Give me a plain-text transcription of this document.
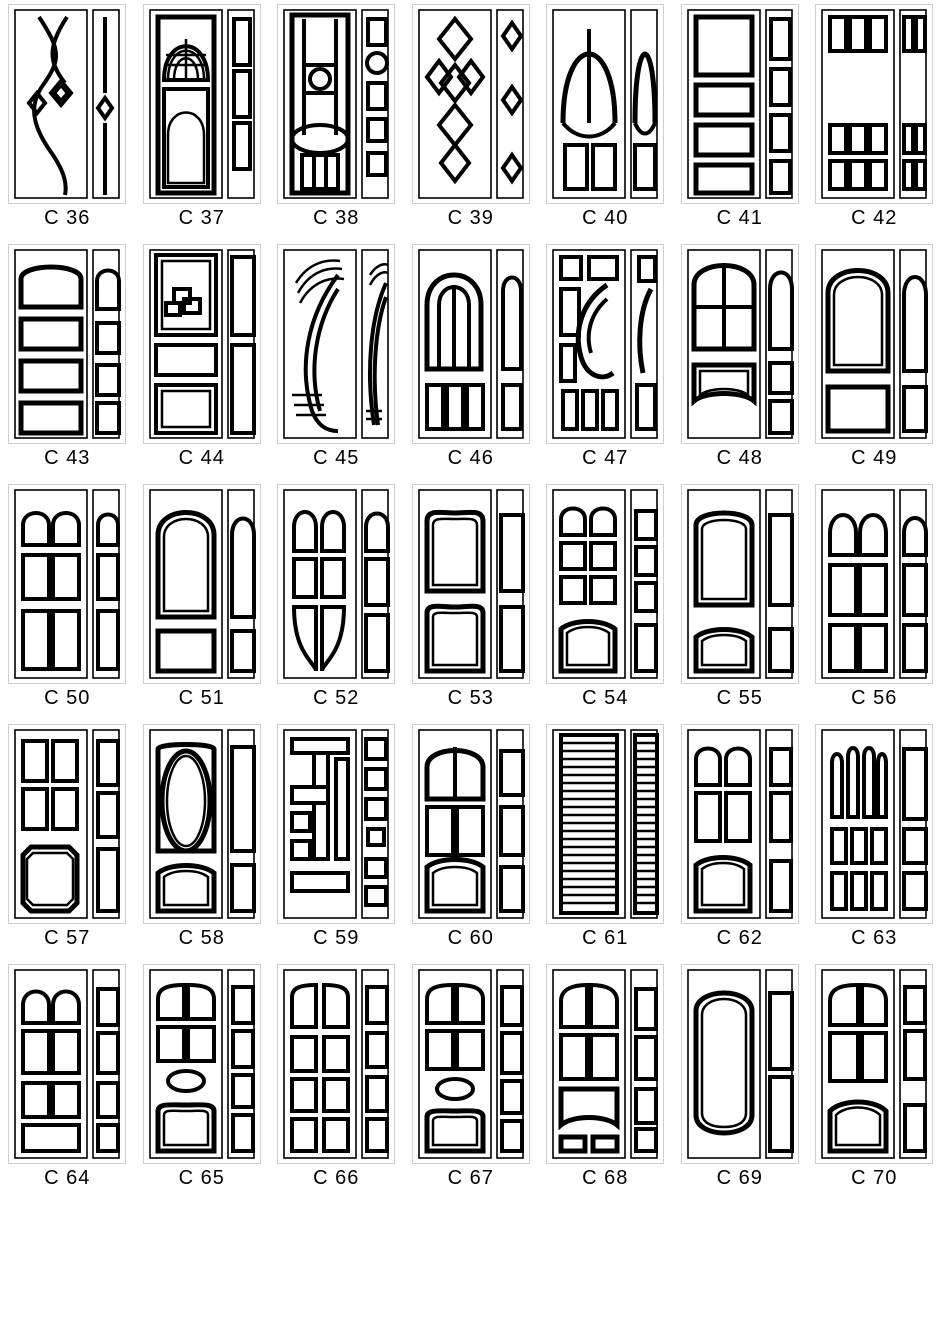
C 36	C 37	C 38	C 39	C 40	C 41	C 42
C 43	C 44	C 45	C 46	C 47	C 48	C 49
C 50	C 51	C 52	C 53	C 54	C 55	C 56
C 57	C 58	C 59	C 60	C 61	C 62	C 63
C 64	C 65	C 66	C 67	C 68	C 69	C 70
